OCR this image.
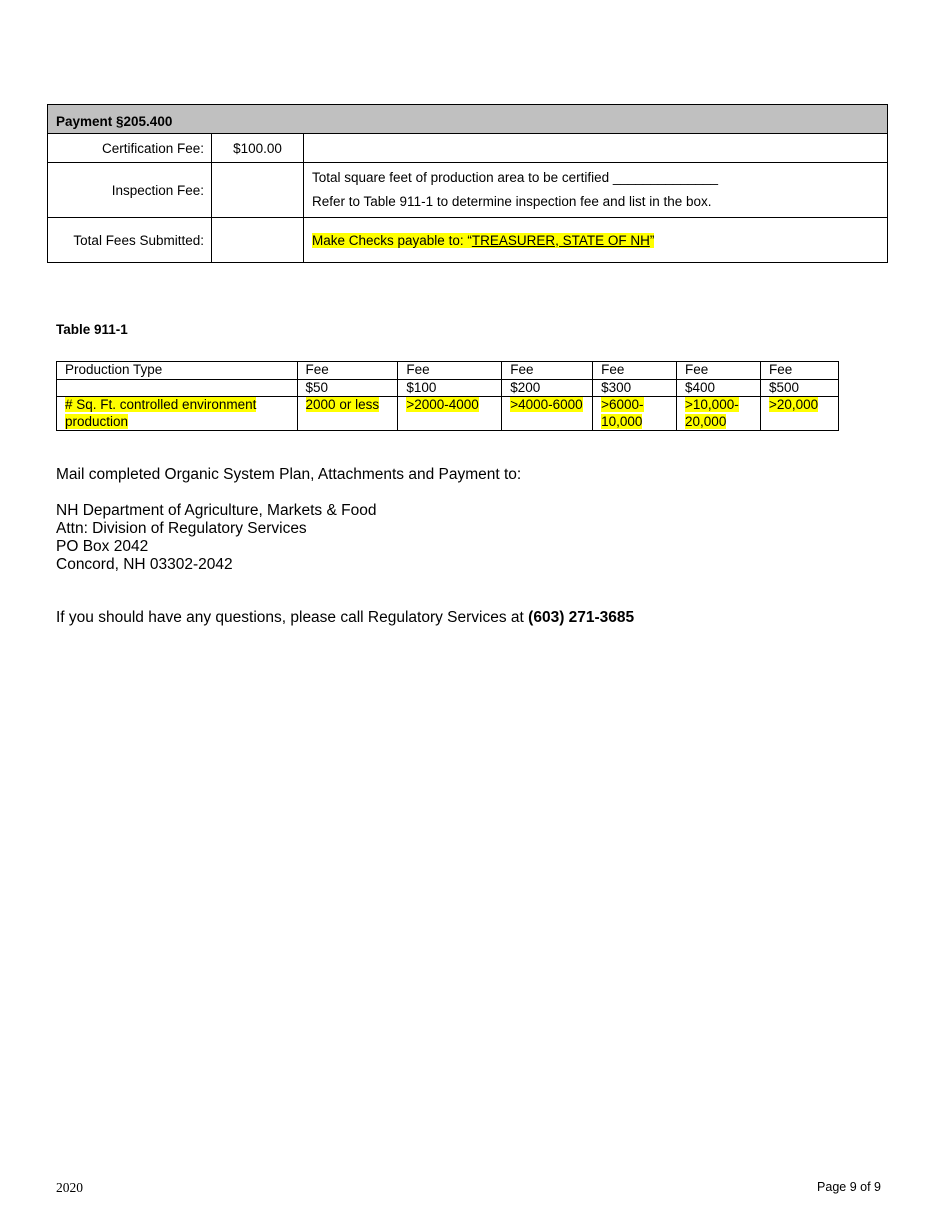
Payment §205.400		
Certification Fee:	$100.00	
Inspection Fee:		Total square feet of production area to be certified ______________
Refer to Table 911-1 to determine inspection fee and list in the box.

Total Fees Submitted:		Make Checks payable to: “TREASURER, STATE OF NH”
Table 911-1
Production Type	Fee	Fee	Fee	Fee	Fee	Fee
	$50	$100	$200	$300	$400	$500
# Sq. Ft. controlled environment production	2000 or less	>2000-4000	>4000-6000	>6000-10,000	>10,000-20,000	>20,000
Mail completed Organic System Plan, Attachments and Payment to:
NH Department of Agriculture, Markets & Food
Attn: Division of Regulatory Services
PO Box 2042
Concord, NH 03302-2042
If you should have any questions, please call Regulatory Services at (603) 271-3685
2020	Page 9 of 9
